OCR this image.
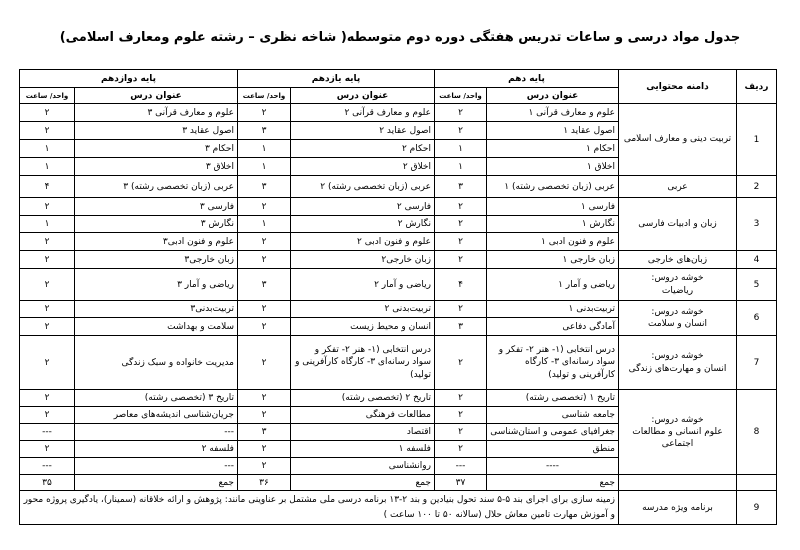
جدول مواد درسی و ساعات تدریس هفتگی دوره دوم متوسطه( شاخه نظری – رشته علوم ومعارف اسلامی)
ردیف	دامنه محتوایی	پایه دهم		پایه یازدهم		پایه دوازدهم	
		عنوان درس	واحد/ ساعت	عنوان درس	واحد/ ساعت	عنوان درس	واحد/ ساعت
1	تربیت دینی و معارف اسلامی	علوم و معارف قرآنی ۱	۲	علوم و معارف قرآنی ۲	۲	علوم و معارف قرآنی ۳	۲
		اصول عقاید ۱	۲	اصول عقاید ۲	۳	اصول عقاید ۳	۲
		احکام ۱	۱	احکام ۲	۱	احکام ۳	۱
		اخلاق ۱	۱	اخلاق ۲	۱	اخلاق ۳	۱
2	عربی	عربی (زبان تخصصی رشته) ۱	۳	عربی (زبان تخصصی رشته) ۲	۳	عربی (زبان تخصصی رشته) ۳	۴
3	زبان و ادبیات فارسی	فارسی ۱	۲	فارسی ۲	۲	فارسی ۳	۲
		نگارش ۱	۲	نگارش ۲	۱	نگارش ۳	۱
		علوم و فنون ادبی ۱	۲	علوم و فنون ادبی ۲	۲	علوم و فنون ادبی۳	۲
4	زبان‌های خارجی	زبان خارجی ۱	۲	زبان خارجی۲	۲	زبان خارجی۳	۲
5	خوشه دروس:
ریاضیات	ریاضی و آمار ۱	۴	ریاضی و آمار ۲	۳	ریاضی و آمار ۳	۲
6	خوشه دروس:
انسان و سلامت	تربیت‌بدنی ۱	۲	تربیت‌بدنی ۲	۲	تربیت‌بدنی۳	۲
		آمادگی دفاعی	۳	انسان و محیط زیست	۲	سلامت و بهداشت	۲
7	خوشه دروس:
انسان و مهارت‌های زندگی	درس انتخابی (۱- هنر ۲- تفکر و سواد رسانه‌ای ۳- کارگاه کارآفرینی و تولید)	۲	درس انتخابی (۱- هنر ۲- تفکر و سواد رسانه‌ای ۳- کارگاه کارآفرینی و تولید)	۲	مدیریت خانواده و سبک زندگی	۲
8	خوشه دروس:
علوم انسانی و مطالعات اجتماعی	تاریخ ۱ (تخصصی رشته)	۲	تاریخ ۲ (تخصصی رشته)	۲	تاریخ ۳ (تخصصی رشته)	۲
		جامعه شناسی	۲	مطالعات فرهنگی	۲	جریان‌شناسی اندیشه‌های معاصر	۲
		جغرافیای عمومی و استان‌شناسی	۲	اقتصاد	۳	---	---
		منطق	۲	فلسفه ۱	۲	فلسفه ۲	۲
		----	---	روانشناسی	۲	---	---
		جمع	۳۷	جمع	۳۶	جمع	۳۵
9	برنامه ویژه مدرسه	زمینه سازی برای اجرای بند ۵-۵ سند تحول بنیادین و بند ۲-۱۳ برنامه درسی ملی مشتمل بر عناوینی مانند: پژوهش و ارائه خلاقانه (سمینار)، یادگیری پروژه محور و آموزش مهارت تامین معاش حلال (سالانه ۵۰ تا ۱۰۰ ساعت )					
